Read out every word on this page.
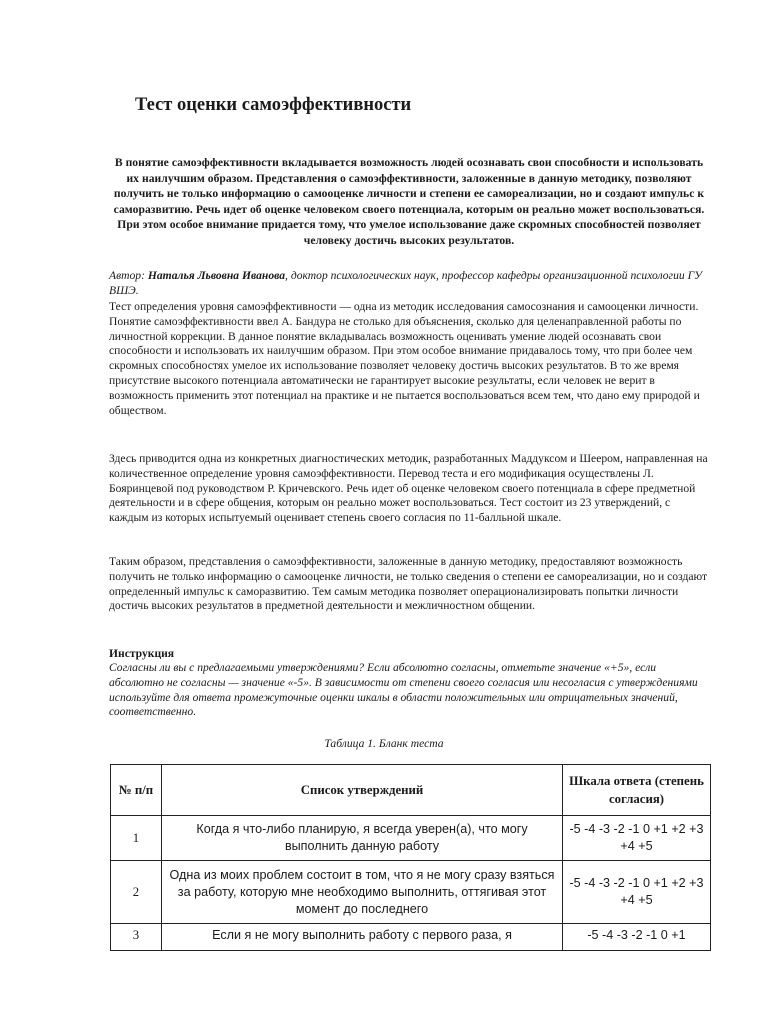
Тест оценки самоэффективности

В понятие самоэффективности вкладывается возможность людей осознавать свои способности и использовать их наилучшим образом. Представления о самоэффективности, заложенные в данную методику, позволяют получить не только информацию о самооценке личности и степени ее самореализации, но и создают импульс к саморазвитию. Речь идет об оценке человеком своего потенциала, которым он реально может воспользоваться. При этом особое внимание придается тому, что умелое использование даже скромных способностей позволяет человеку достичь высоких результатов.

Автор: Наталья Львовна Иванова, доктор психологических наук, профессор кафедры организационной психологии ГУ ВШЭ.

Тест определения уровня самоэффективности — одна из методик исследования самосознания и самооценки личности. Понятие самоэффективности ввел А. Бандура не столько для объяснения, сколько для целенаправленной работы по личностной коррекции. В данное понятие вкладывалась возможность оценивать умение людей осознавать свои способности и использовать их наилучшим образом. При этом особое внимание придавалось тому, что при более чем скромных способностях умелое их использование позволяет человеку достичь высоких результатов. В то же время присутствие высокого потенциала автоматически не гарантирует высокие результаты, если человек не верит в возможность применить этот потенциал на практике и не пытается воспользоваться всем тем, что дано ему природой и обществом.

Здесь приводится одна из конкретных диагностических методик, разработанных Маддуксом и Шеером, направленная на количественное определение уровня самоэффективности. Перевод теста и его модификация осуществлены Л. Бояринцевой под руководством Р. Кричевского. Речь идет об оценке человеком своего потенциала в сфере предметной деятельности и в сфере общения, которым он реально может воспользоваться. Тест состоит из 23 утверждений, с каждым из которых испытуемый оценивает степень своего согласия по 11-балльной шкале.

Таким образом, представления о самоэффективности, заложенные в данную методику, предоставляют возможность получить не только информацию о самооценке личности, не только сведения о степени ее самореализации, но и создают определенный импульс к саморазвитию. Тем самым методика позволяет операционализировать попытки личности достичь высоких результатов в предметной деятельности и межличностном общении.

Инструкция

Согласны ли вы с предлагаемыми утверждениями? Если абсолютно согласны, отметьте значение «+5», если абсолютно не согласны — значение «-5». В зависимости от степени своего согласия или несогласия с утверждениями используйте для ответа промежуточные оценки шкалы в области положительных или отрицательных значений, соответственно.

Таблица 1. Бланк теста

№ п/п	Список утверждений	Шкала ответа (степень согласия)
1	Когда я что-либо планирую, я всегда уверен(а), что могу выполнить данную работу	-5 -4 -3 -2 -1 0 +1 +2 +3 +4 +5
2	Одна из моих проблем состоит в том, что я не могу сразу взяться за работу, которую мне необходимо выполнить, оттягивая этот момент до последнего	-5 -4 -3 -2 -1 0 +1 +2 +3 +4 +5
3	Если я не могу выполнить работу с первого раза, я	-5 -4 -3 -2 -1 0 +1
